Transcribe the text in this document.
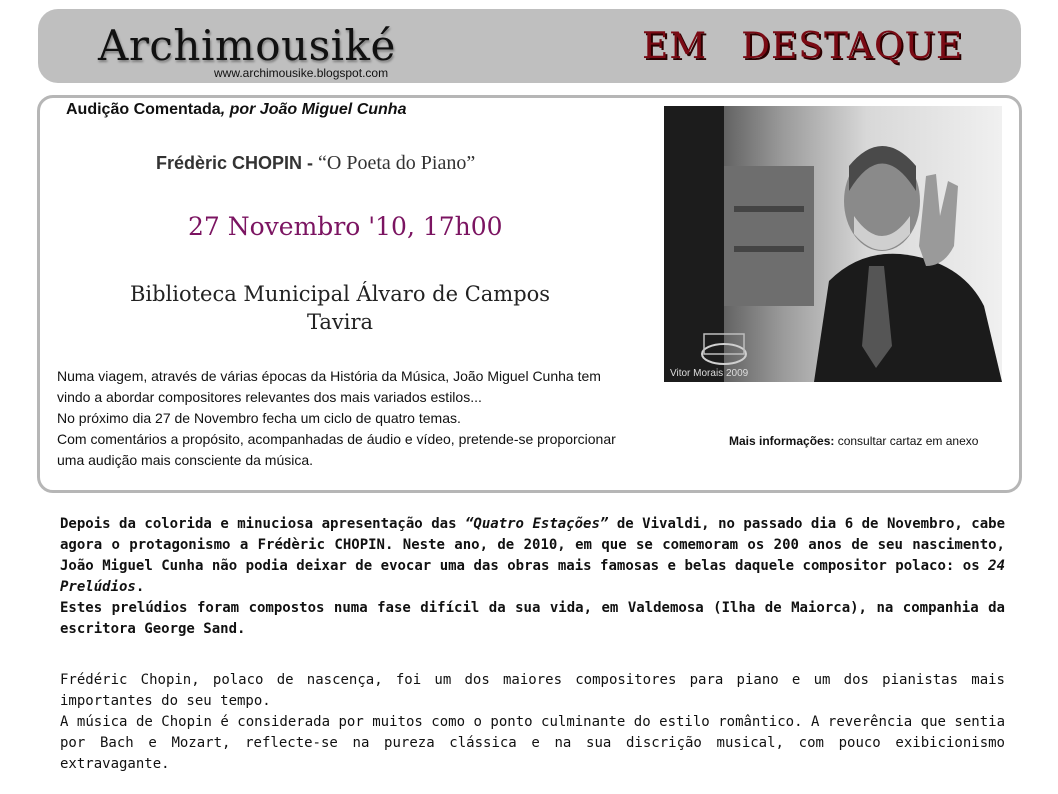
Archimousiké
www.archimousike.blogspot.com
EM DESTAQUE
Audição Comentada, por João Miguel Cunha
Frédèric CHOPIN - “O Poeta do Piano”
27 Novembro '10, 17h00
Biblioteca Municipal Álvaro de Campos
Tavira
Numa viagem, através de várias épocas da História da Música, João Miguel Cunha tem
vindo a abordar compositores relevantes dos mais variados estilos...
No próximo dia 27 de Novembro fecha um ciclo de quatro temas.
Com comentários a propósito, acompanhadas de áudio e vídeo, pretende-se proporcionar
uma audição mais consciente da música.
Vitor Morais 2009
Mais informações: consultar cartaz em anexo
Depois da colorida e minuciosa apresentação das “Quatro Estações” de Vivaldi, no passado dia 6 de Novembro, cabe agora o protagonismo a Frédèric CHOPIN. Neste ano, de 2010, em que se comemoram os 200 anos de seu nascimento, João Miguel Cunha não podia deixar de evocar uma das obras mais famosas e belas daquele compositor polaco: os 24 Prelúdios.
Estes prelúdios foram compostos numa fase difícil da sua vida, em Valdemosa (Ilha de Maiorca), na companhia da escritora George Sand.
Frédéric Chopin, polaco de nascença, foi um dos maiores compositores para piano e um dos pianistas mais importantes do seu tempo.
A música de Chopin é considerada por muitos como o ponto culminante do estilo romântico. A reverência que sentia por Bach e Mozart, reflecte-se na pureza clássica e na sua discrição musical, com pouco exibicionismo extravagante.
